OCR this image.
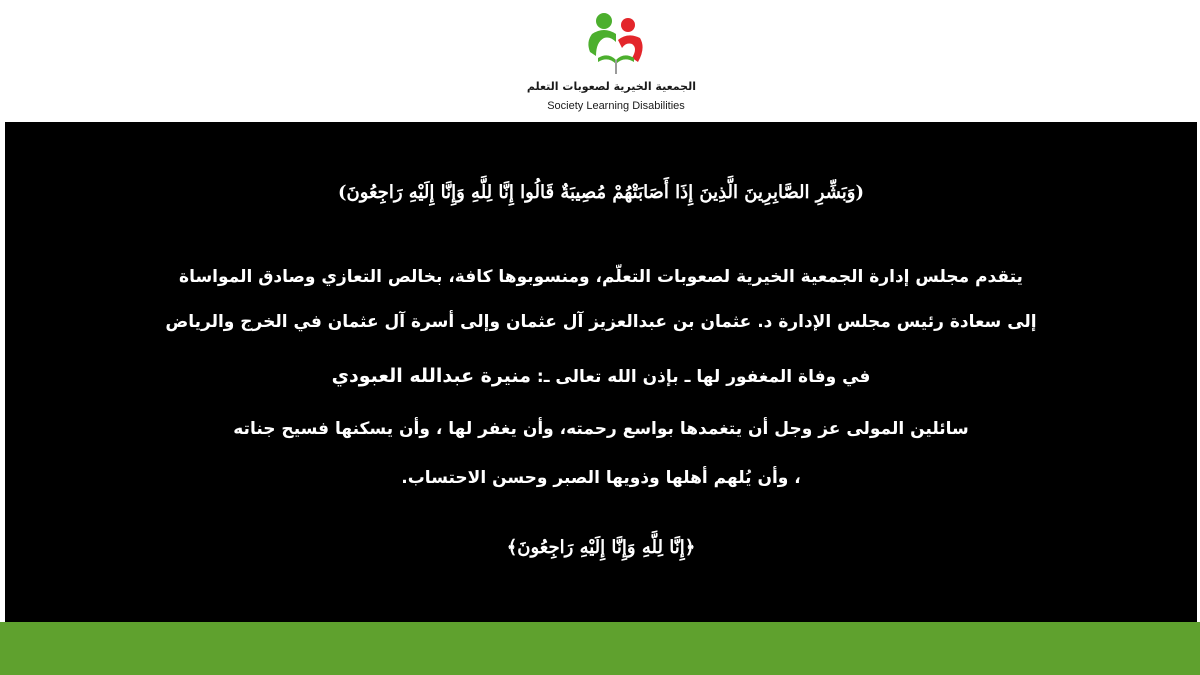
الجمعية الخيرية لصعوبات التعلم
Society Learning Disabilities
(وَبَشِّرِ الصَّابِرِينَ الَّذِينَ إِذَا أَصَابَتْهُمْ مُصِيبَةٌ قَالُوا إِنَّا لِلَّهِ وَإِنَّا إِلَيْهِ رَاجِعُونَ)
يتقدم مجلس إدارة الجمعية الخيرية لصعوبات التعلّم، ومنسوبوها كافة، بخالص التعازي وصادق المواساة
إلى سعادة رئيس مجلس الإدارة د. عثمان بن عبدالعزيز آل عثمان وإلى أسرة آل عثمان في الخرج والرياض
في وفاة المغفور لها ـ بإذن الله تعالى ـ: منيرة عبدالله العبودي
سائلين المولى عز وجل أن يتغمدها بواسع رحمته، وأن يغفر لها ، وأن يسكنها فسيح جناته
، وأن يُلهم أهلها وذويها الصبر وحسن الاحتساب.
﴿إِنَّا لِلَّهِ وَإِنَّا إِلَيْهِ رَاجِعُونَ﴾
